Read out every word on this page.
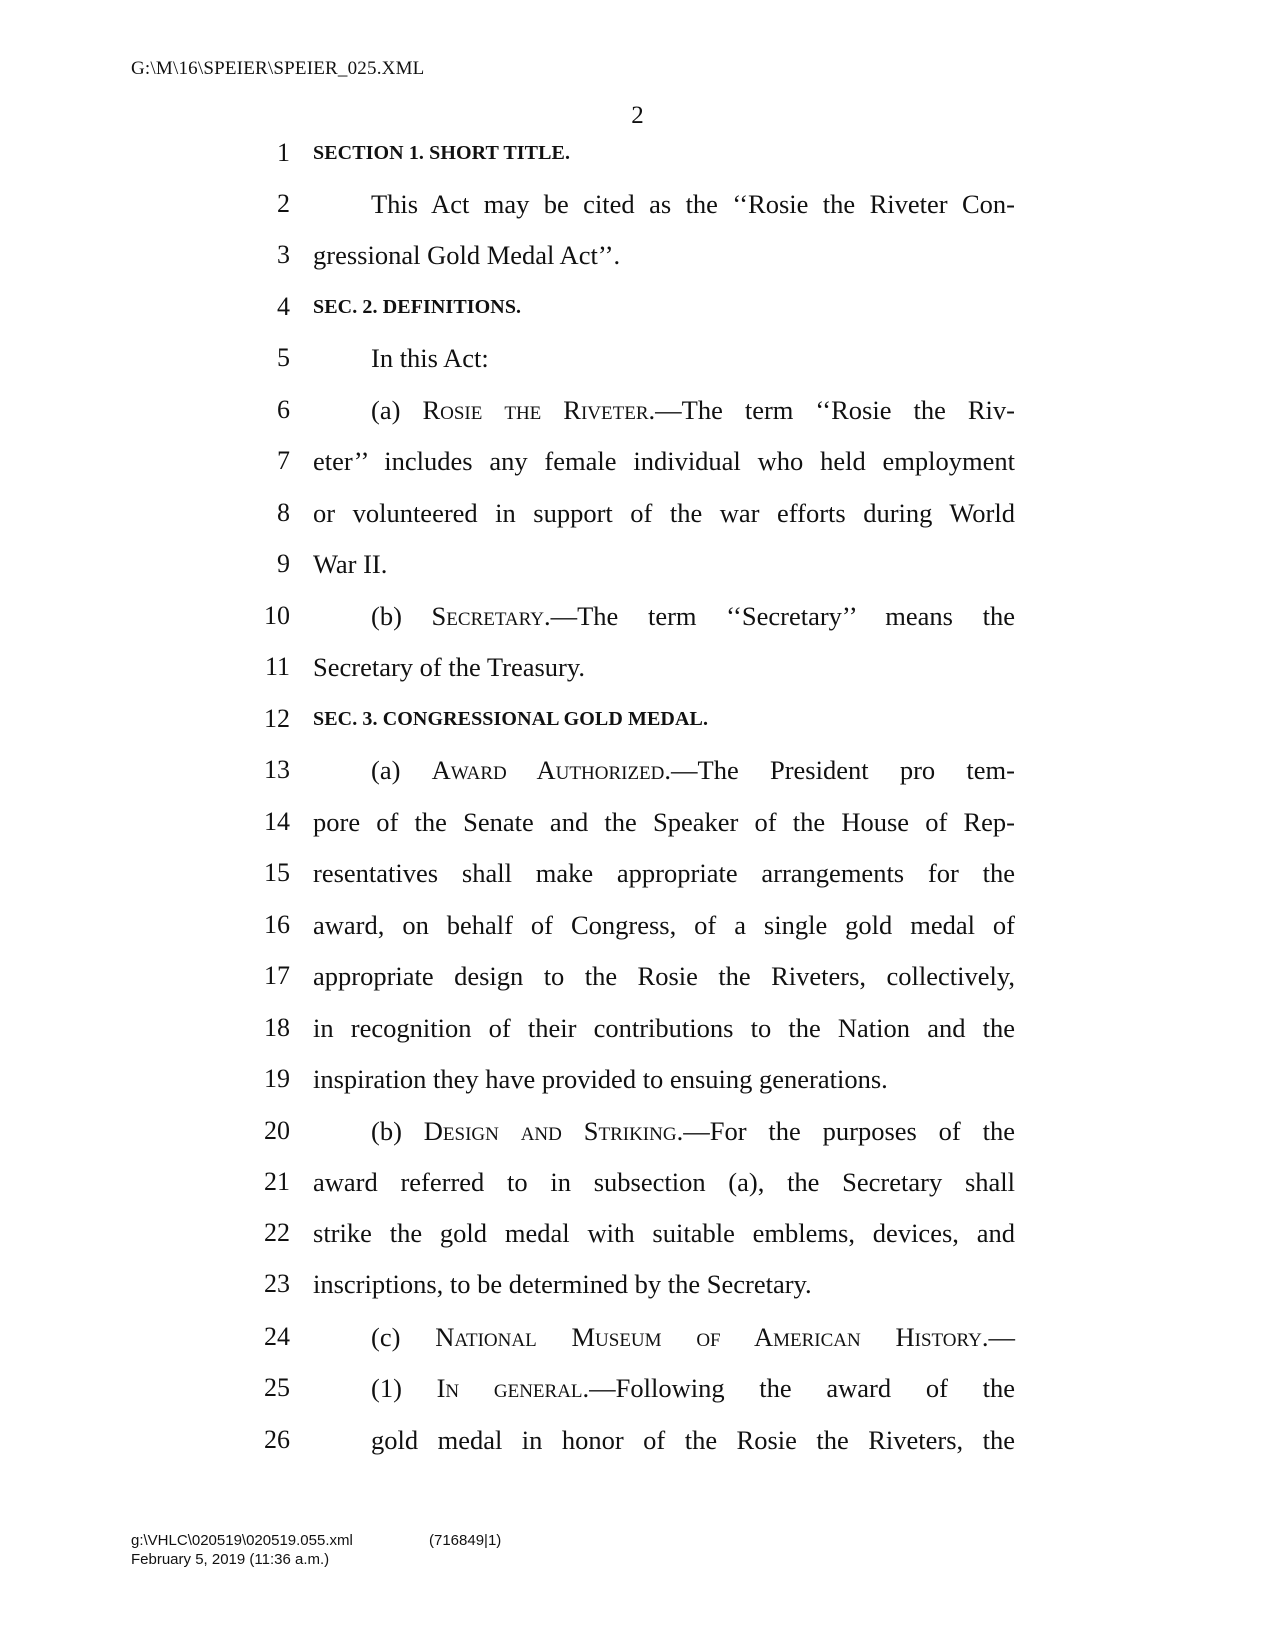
G:\M\16\SPEIER\SPEIER_025.XML
2
1 SECTION 1. SHORT TITLE.
2	This Act may be cited as the ‘‘Rosie the Riveter Con-
3 gressional Gold Medal Act’’.
4 SEC. 2. DEFINITIONS.
5	In this Act:
6	(a) Rosie the Riveter.—The term ‘‘Rosie the Riv-
7 eter’’ includes any female individual who held employment
8 or volunteered in support of the war efforts during World
9 War II.
10	(b) Secretary.—The term ‘‘Secretary’’ means the
11 Secretary of the Treasury.
12 SEC. 3. CONGRESSIONAL GOLD MEDAL.
13	(a) Award Authorized.—The President pro tem-
14 pore of the Senate and the Speaker of the House of Rep-
15 resentatives shall make appropriate arrangements for the
16 award, on behalf of Congress, of a single gold medal of
17 appropriate design to the Rosie the Riveters, collectively,
18 in recognition of their contributions to the Nation and the
19 inspiration they have provided to ensuing generations.
20	(b) Design and Striking.—For the purposes of the
21 award referred to in subsection (a), the Secretary shall
22 strike the gold medal with suitable emblems, devices, and
23 inscriptions, to be determined by the Secretary.
24	(c) National Museum of American History.—
25	(1) In general.—Following the award of the
26	gold medal in honor of the Rosie the Riveters, the
g:\VHLC\020519\020519.055.xml	(716849|1)
February 5, 2019 (11:36 a.m.)
